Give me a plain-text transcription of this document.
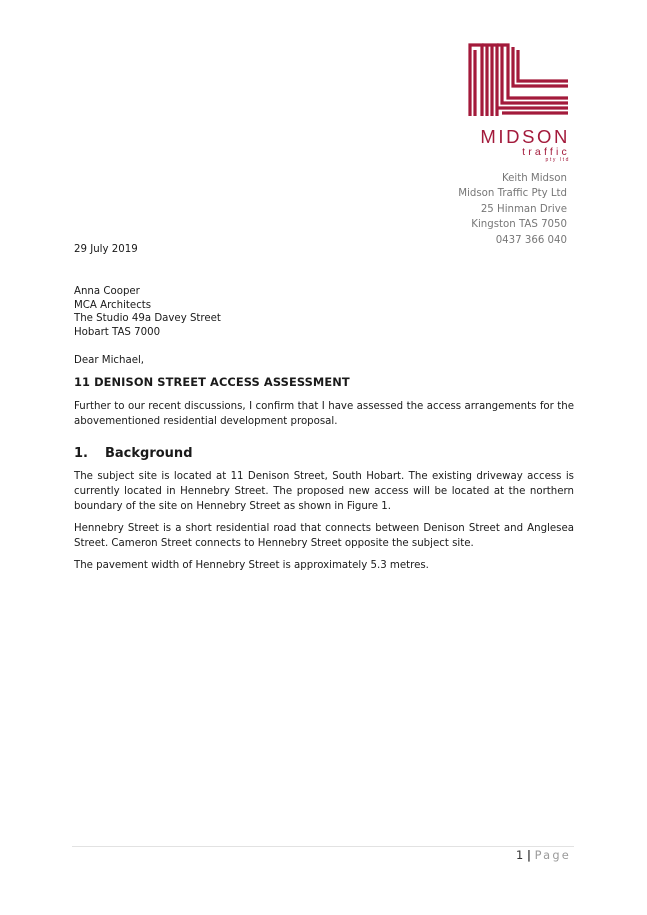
MIDSON
traffic
pty ltd
Keith Midson
Midson Traffic Pty Ltd
25 Hinman Drive
Kingston TAS 7050
0437 366 040
29 July 2019
Anna Cooper
MCA Architects
The Studio 49a Davey Street
Hobart TAS 7000
Dear Michael,
11 DENISON STREET ACCESS ASSESSMENT
Further to our recent discussions, I confirm that I have assessed the access arrangements for the abovementioned residential development proposal.
1. Background
The subject site is located at 11 Denison Street, South Hobart. The existing driveway access is currently located in Hennebry Street. The proposed new access will be located at the northern boundary of the site on Hennebry Street as shown in Figure 1.
Hennebry Street is a short residential road that connects between Denison Street and Anglesea Street. Cameron Street connects to Hennebry Street opposite the subject site.
The pavement width of Hennebry Street is approximately 5.3 metres.
1 | Page
